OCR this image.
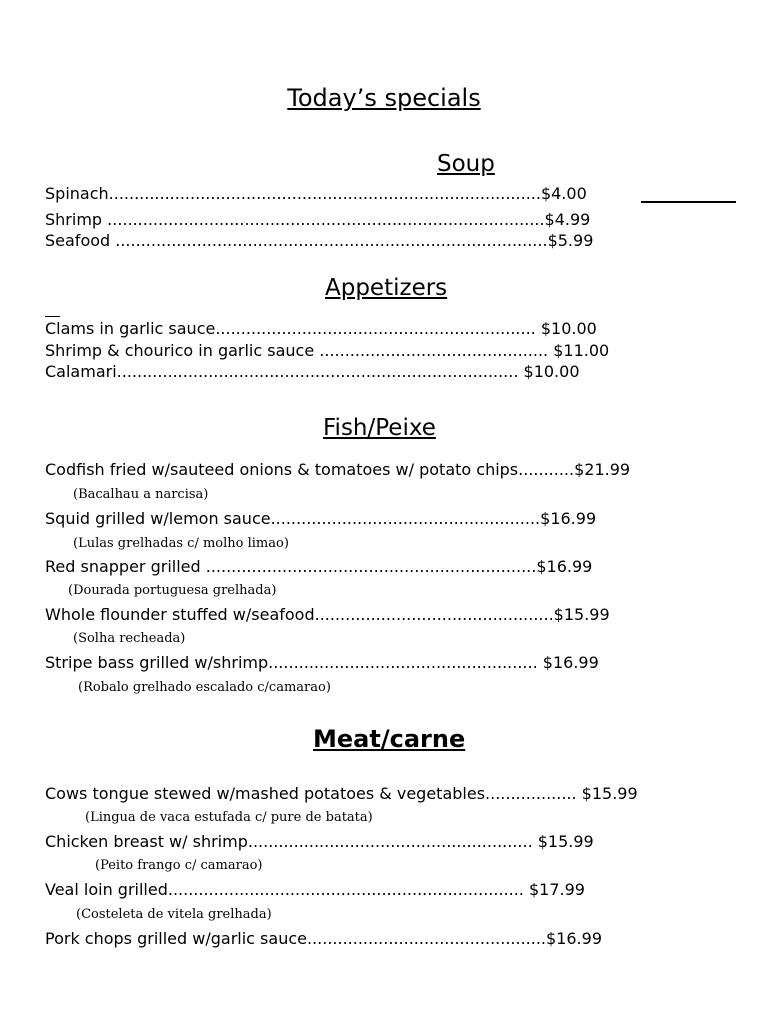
Today’s specials
Soup
Spinach.....................................................................................$4.00
Shrimp ......................................................................................$4.99
Seafood .....................................................................................$5.99
Appetizers
Clams in garlic sauce............................................................... $10.00
Shrimp & chourico in garlic sauce ............................................. $11.00
Calamari............................................................................... $10.00
Fish/Peixe
Codfish fried w/sauteed onions & tomatoes w/ potato chips...........$21.99
(Bacalhau a narcisa)
Squid grilled w/lemon sauce.....................................................$16.99
(Lulas grelhadas c/ molho limao)
Red snapper grilled .................................................................$16.99
(Dourada portuguesa grelhada)
Whole flounder stuffed w/seafood...............................................$15.99
(Solha recheada)
Stripe bass grilled w/shrimp..................................................... $16.99
(Robalo grelhado escalado c/camarao)
Meat/carne
Cows tongue stewed w/mashed potatoes & vegetables.................. $15.99
(Lingua de vaca estufada c/ pure de batata)
Chicken breast w/ shrimp........................................................ $15.99
(Peito frango c/ camarao)
Veal loin grilled...................................................................... $17.99
(Costeleta de vitela grelhada)
Pork chops grilled w/garlic sauce...............................................$16.99
